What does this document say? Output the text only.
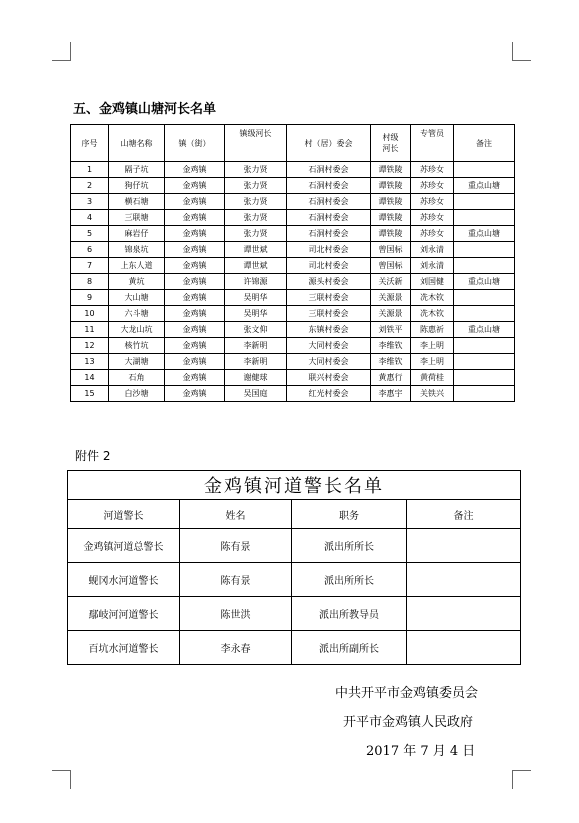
五、金鸡镇山塘河长名单
序号	山塘名称	镇（街）	镇级河长	村（居）委会	村级河长	专管员	备注
1	隔子坑	金鸡镇	张力贤	石洞村委会	谭铁陵	苏珍女	
2	狗仔坑	金鸡镇	张力贤	石洞村委会	谭铁陵	苏珍女	重点山塘
3	横石塘	金鸡镇	张力贤	石洞村委会	谭铁陵	苏珍女	
4	三联塘	金鸡镇	张力贤	石洞村委会	谭铁陵	苏珍女	
5	麻岩仔	金鸡镇	张力贤	石洞村委会	谭铁陵	苏珍女	重点山塘
6	锦泉坑	金鸡镇	谭世斌	司北村委会	曾国标	刘永清	
7	上东人道	金鸡镇	谭世斌	司北村委会	曾国标	刘永清	
8	黄坑	金鸡镇	许锦源	源头村委会	关沃新	刘国健	重点山塘
9	大山塘	金鸡镇	吴明华	三联村委会	关源景	冼木钦	
10	六斗塘	金鸡镇	吴明华	三联村委会	关源景	冼木钦	
11	大龙山坑	金鸡镇	张文仰	东镇村委会	刘铁平	陈惠祈	重点山塘
12	核竹坑	金鸡镇	李新明	大同村委会	李维钦	李上明	
13	大湖塘	金鸡镇	李新明	大同村委会	李维钦	李上明	
14	石角	金鸡镇	谢健球	联兴村委会	黄惠行	黄荷桂	
15	白沙塘	金鸡镇	吴国庭	红光村委会	李惠宇	关铁兴	
附件 2
金鸡镇河道警长名单			
河道警长	姓名	职务	备注
金鸡镇河道总警长	陈有景	派出所所长	
蚬冈水河道警长	陈有景	派出所所长	
鄢岐河河道警长	陈世洪	派出所教导员	
百坑水河道警长	李永春	派出所副所长	
中共开平市金鸡镇委员会
开平市金鸡镇人民政府
2017 年 7 月 4 日
